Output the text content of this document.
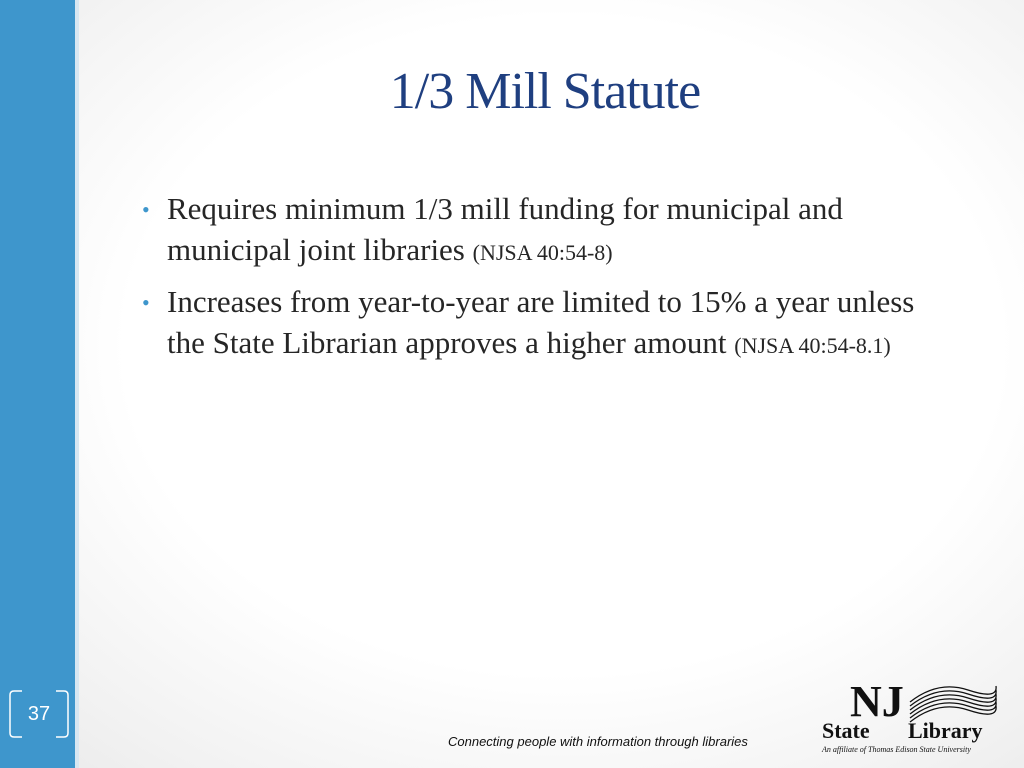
37
1/3 Mill Statute
• Requires minimum 1/3 mill funding for municipal and municipal joint libraries (NJSA 40:54-8)
• Increases from year-to-year are limited to 15% a year unless the State Librarian approves a higher amount (NJSA 40:54-8.1)
Connecting people with information through libraries
NJ
State Library
An affiliate of Thomas Edison State University
